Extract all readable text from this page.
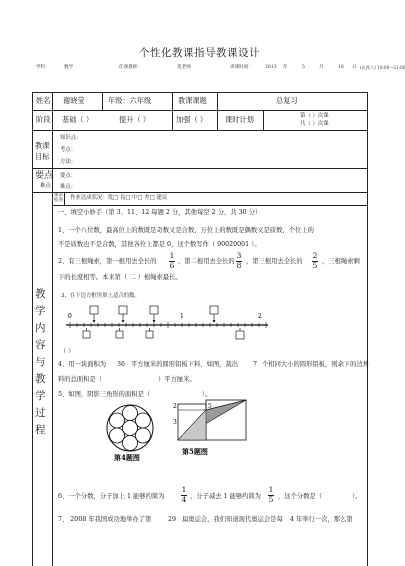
个性化教课指导教课设计
学科：	数学	任课教师：	莫老师	讲课时间：	2013 年	5	月	18 日 (礼拜六) 19:00—21:00
姓名 谢晓莹	年级：六年级	教课课题	总复习
阶段 基础（ ）	提升（ ）	加强（ ） 课时计划	第（ ）次课
共（ ）次课
教课
目标
知识点：
考点：
方法：
要点
难点
要点：
难点：
课前
检查 作业达成状况：优□ 良□ 中□ 差□ 建议
教
学
内
容
与
教
学
过
程
一、填空小妙手（第 3、11、12 每题 2 分，其他每空 2 分，共 30 分）
1、一个八位数，最高位上的数既是奇数又是合数，万位上的数既是偶数又是质数，个位上的
不是质数也不是合数，其他各位上都是 0，这个数写作（ 90020001 ）。
2、有三根绳索，第一根用去全长的
1
6 ，第二根用去全长的
3
8 ，第三根用去全长的
2
5 ，三根绳索剩
下的长度相等。本来第（ 二 ）根绳索最长。
3、在下边方框里填上适合的数。
0	1	2
（ ）
4、用一块面积为 36 平方厘米的圆形铝板下料，如图，裁出 7 个相同大小的圆形铝板，则余下的边角
料的总面积是（	）平方厘米。
5、如图，阴影三角形的面积是（	）。
第4题图
2
3
5
第5题图
6、一个分数，分子加上 1 能够约简为
1
4 ，分子减去 1 能够约简为
1
5 ，这个分数是（	）。
7、 2008 年我国成功地举办了第	29 届奥运会，我们知道现代奥运会是每 4 年举行一次，那么第
